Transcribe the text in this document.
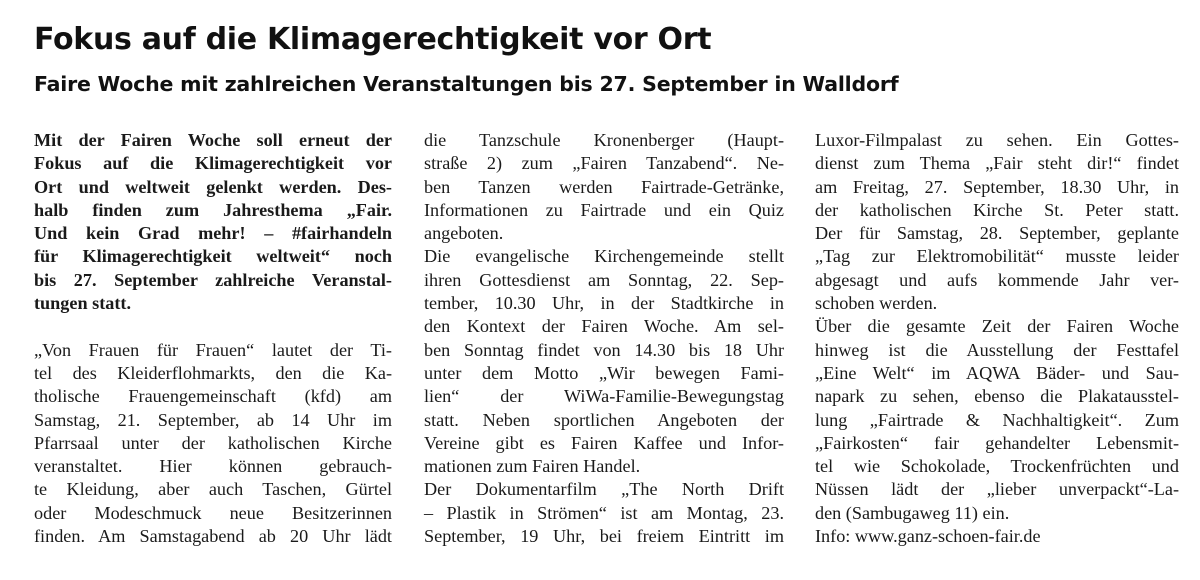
Fokus auf die Klimagerechtigkeit vor Ort
Faire Woche mit zahlreichen Veranstaltungen bis 27. September in Walldorf
Mit der Fairen Woche soll erneut der
Fokus auf die Klimagerechtigkeit vor
Ort und weltweit gelenkt werden. Des-
halb finden zum Jahresthema „Fair.
Und kein Grad mehr! – #fairhandeln
für Klimagerechtigkeit weltweit“ noch
bis 27. September zahlreiche Veranstal-
tungen statt.
„Von Frauen für Frauen“ lautet der Ti-
tel des Kleiderflohmarkts, den die Ka-
tholische Frauengemeinschaft (kfd) am
Samstag, 21. September, ab 14 Uhr im
Pfarrsaal unter der katholischen Kirche
veranstaltet. Hier können gebrauch-
te Kleidung, aber auch Taschen, Gürtel
oder Modeschmuck neue Besitzerinnen
finden. Am Samstagabend ab 20 Uhr lädt
die Tanzschule Kronenberger (Haupt-
straße 2) zum „Fairen Tanzabend“. Ne-
ben Tanzen werden Fairtrade-Getränke,
Informationen zu Fairtrade und ein Quiz
angeboten.
Die evangelische Kirchengemeinde stellt
ihren Gottesdienst am Sonntag, 22. Sep-
tember, 10.30 Uhr, in der Stadtkirche in
den Kontext der Fairen Woche. Am sel-
ben Sonntag findet von 14.30 bis 18 Uhr
unter dem Motto „Wir bewegen Fami-
lien“ der WiWa-Familie-Bewegungstag
statt. Neben sportlichen Angeboten der
Vereine gibt es Fairen Kaffee und Infor-
mationen zum Fairen Handel.
Der Dokumentarfilm „The North Drift
– Plastik in Strömen“ ist am Montag, 23.
September, 19 Uhr, bei freiem Eintritt im
Luxor-Filmpalast zu sehen. Ein Gottes-
dienst zum Thema „Fair steht dir!“ findet
am Freitag, 27. September, 18.30 Uhr, in
der katholischen Kirche St. Peter statt.
Der für Samstag, 28. September, geplante
„Tag zur Elektromobilität“ musste leider
abgesagt und aufs kommende Jahr ver-
schoben werden.
Über die gesamte Zeit der Fairen Woche
hinweg ist die Ausstellung der Festtafel
„Eine Welt“ im AQWA Bäder- und Sau-
napark zu sehen, ebenso die Plakatausstel-
lung „Fairtrade & Nachhaltigkeit“. Zum
„Fairkosten“ fair gehandelter Lebensmit-
tel wie Schokolade, Trockenfrüchten und
Nüssen lädt der „lieber unverpackt“-La-
den (Sambugaweg 11) ein.
Info: www.ganz-schoen-fair.de
